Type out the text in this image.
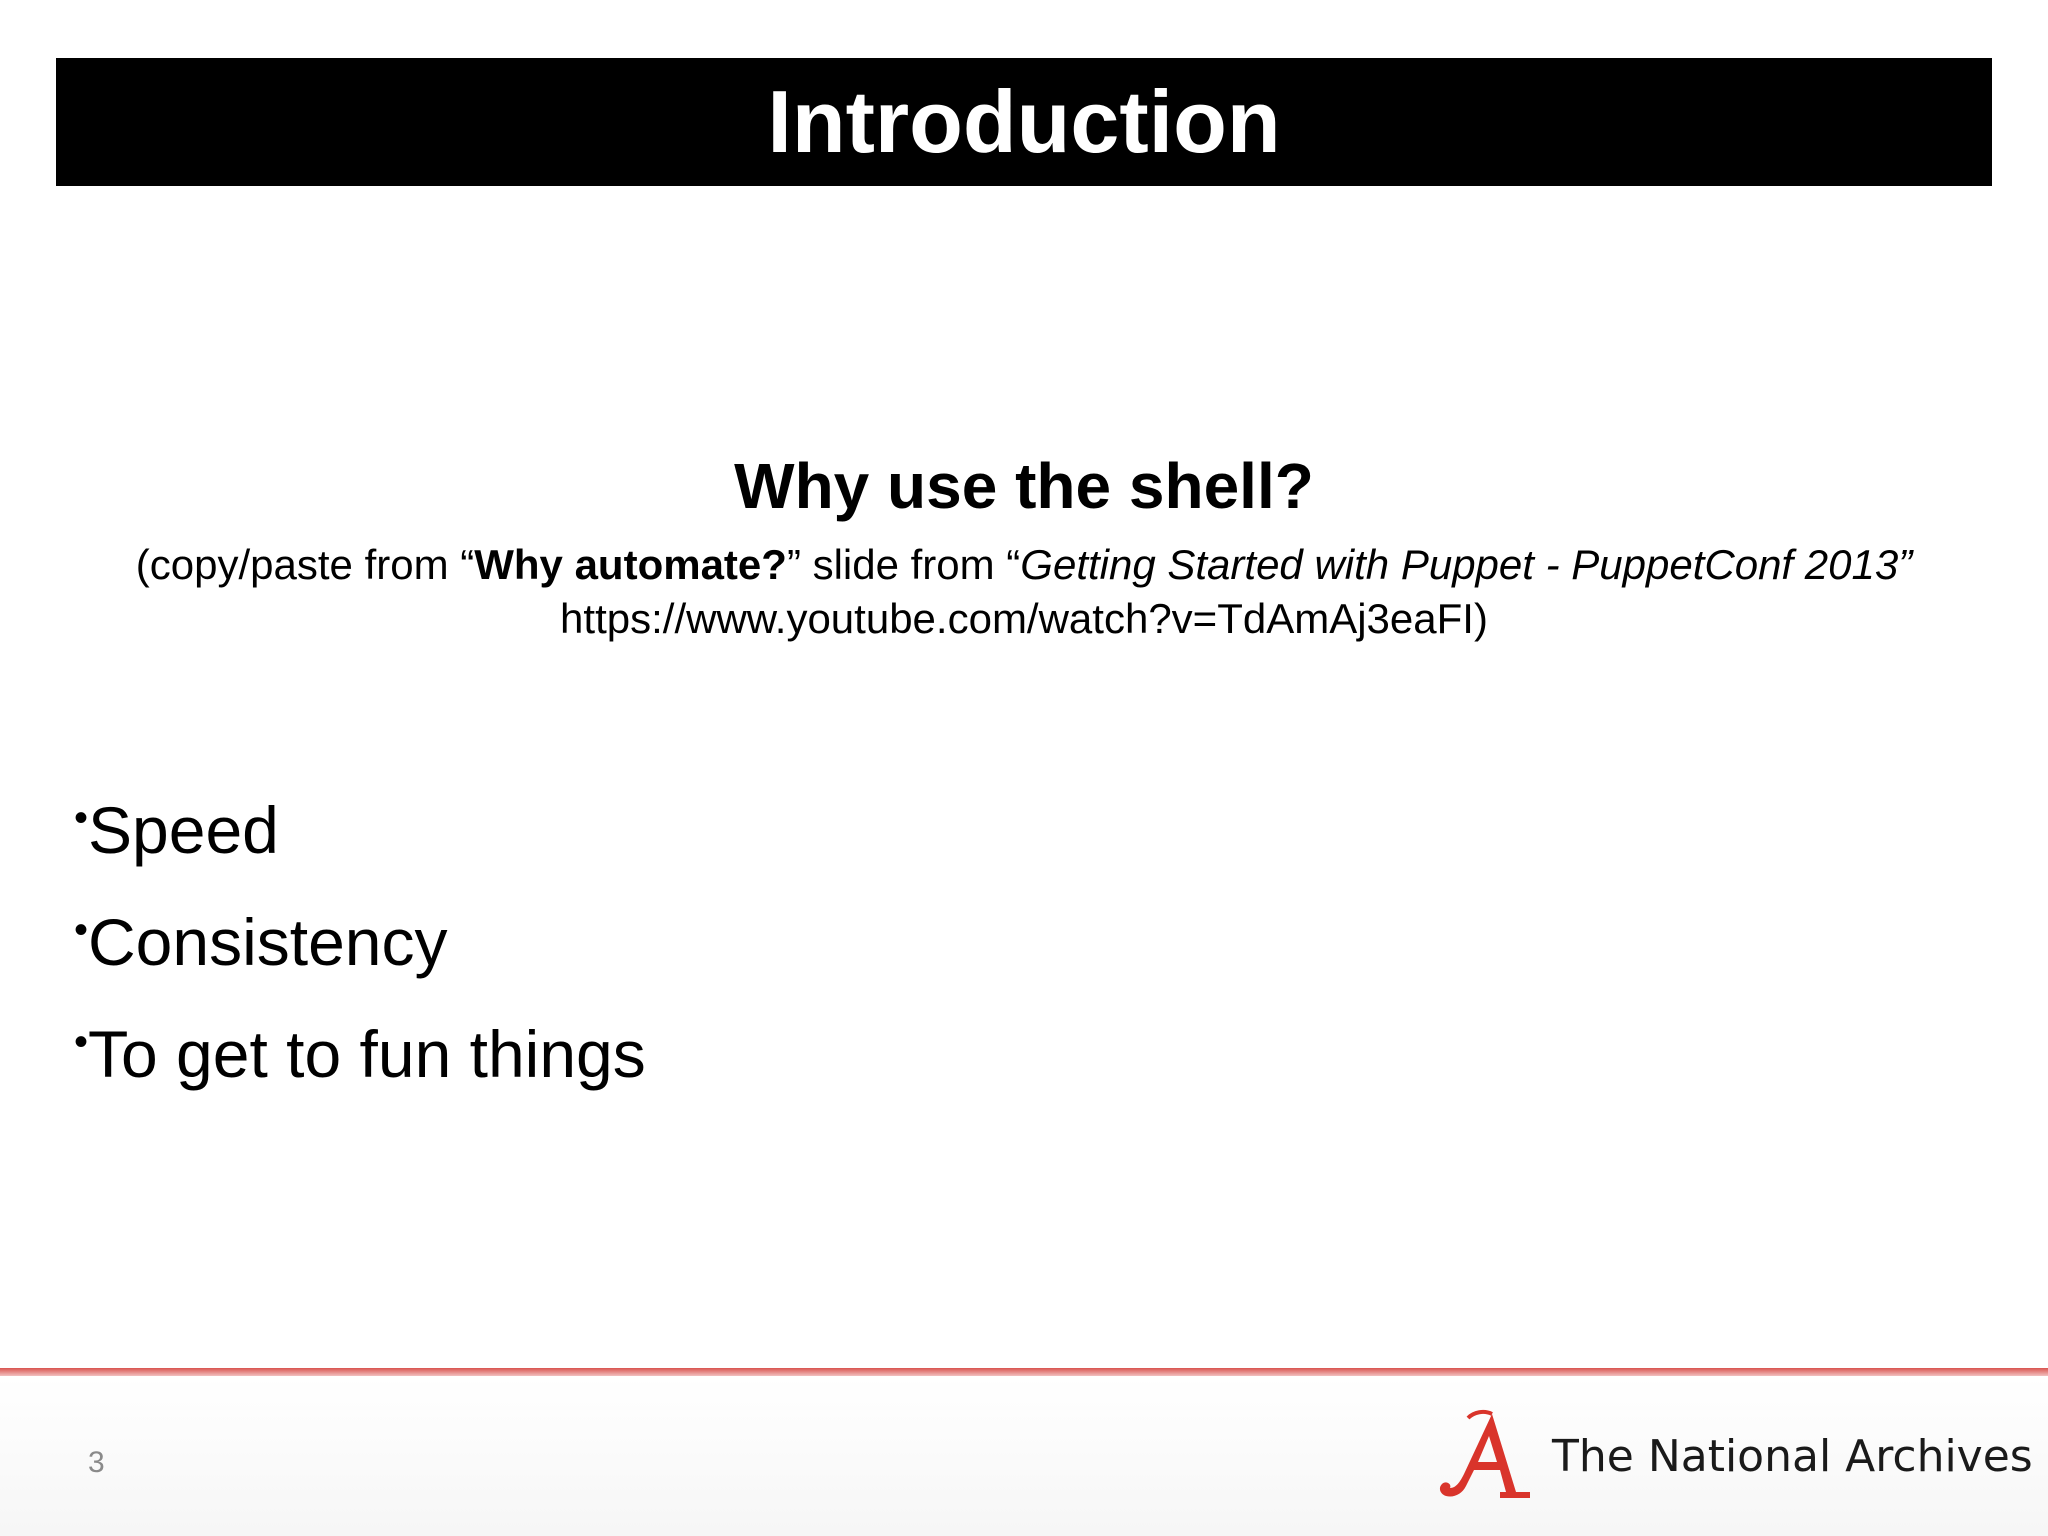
Introduction
Why use the shell?
(copy/paste from “Why automate?” slide from “Getting Started with Puppet - PuppetConf 2013” https://www.youtube.com/watch?v=TdAmAj3eaFI)
•Speed
•Consistency
•To get to fun things
3	The National Archives
